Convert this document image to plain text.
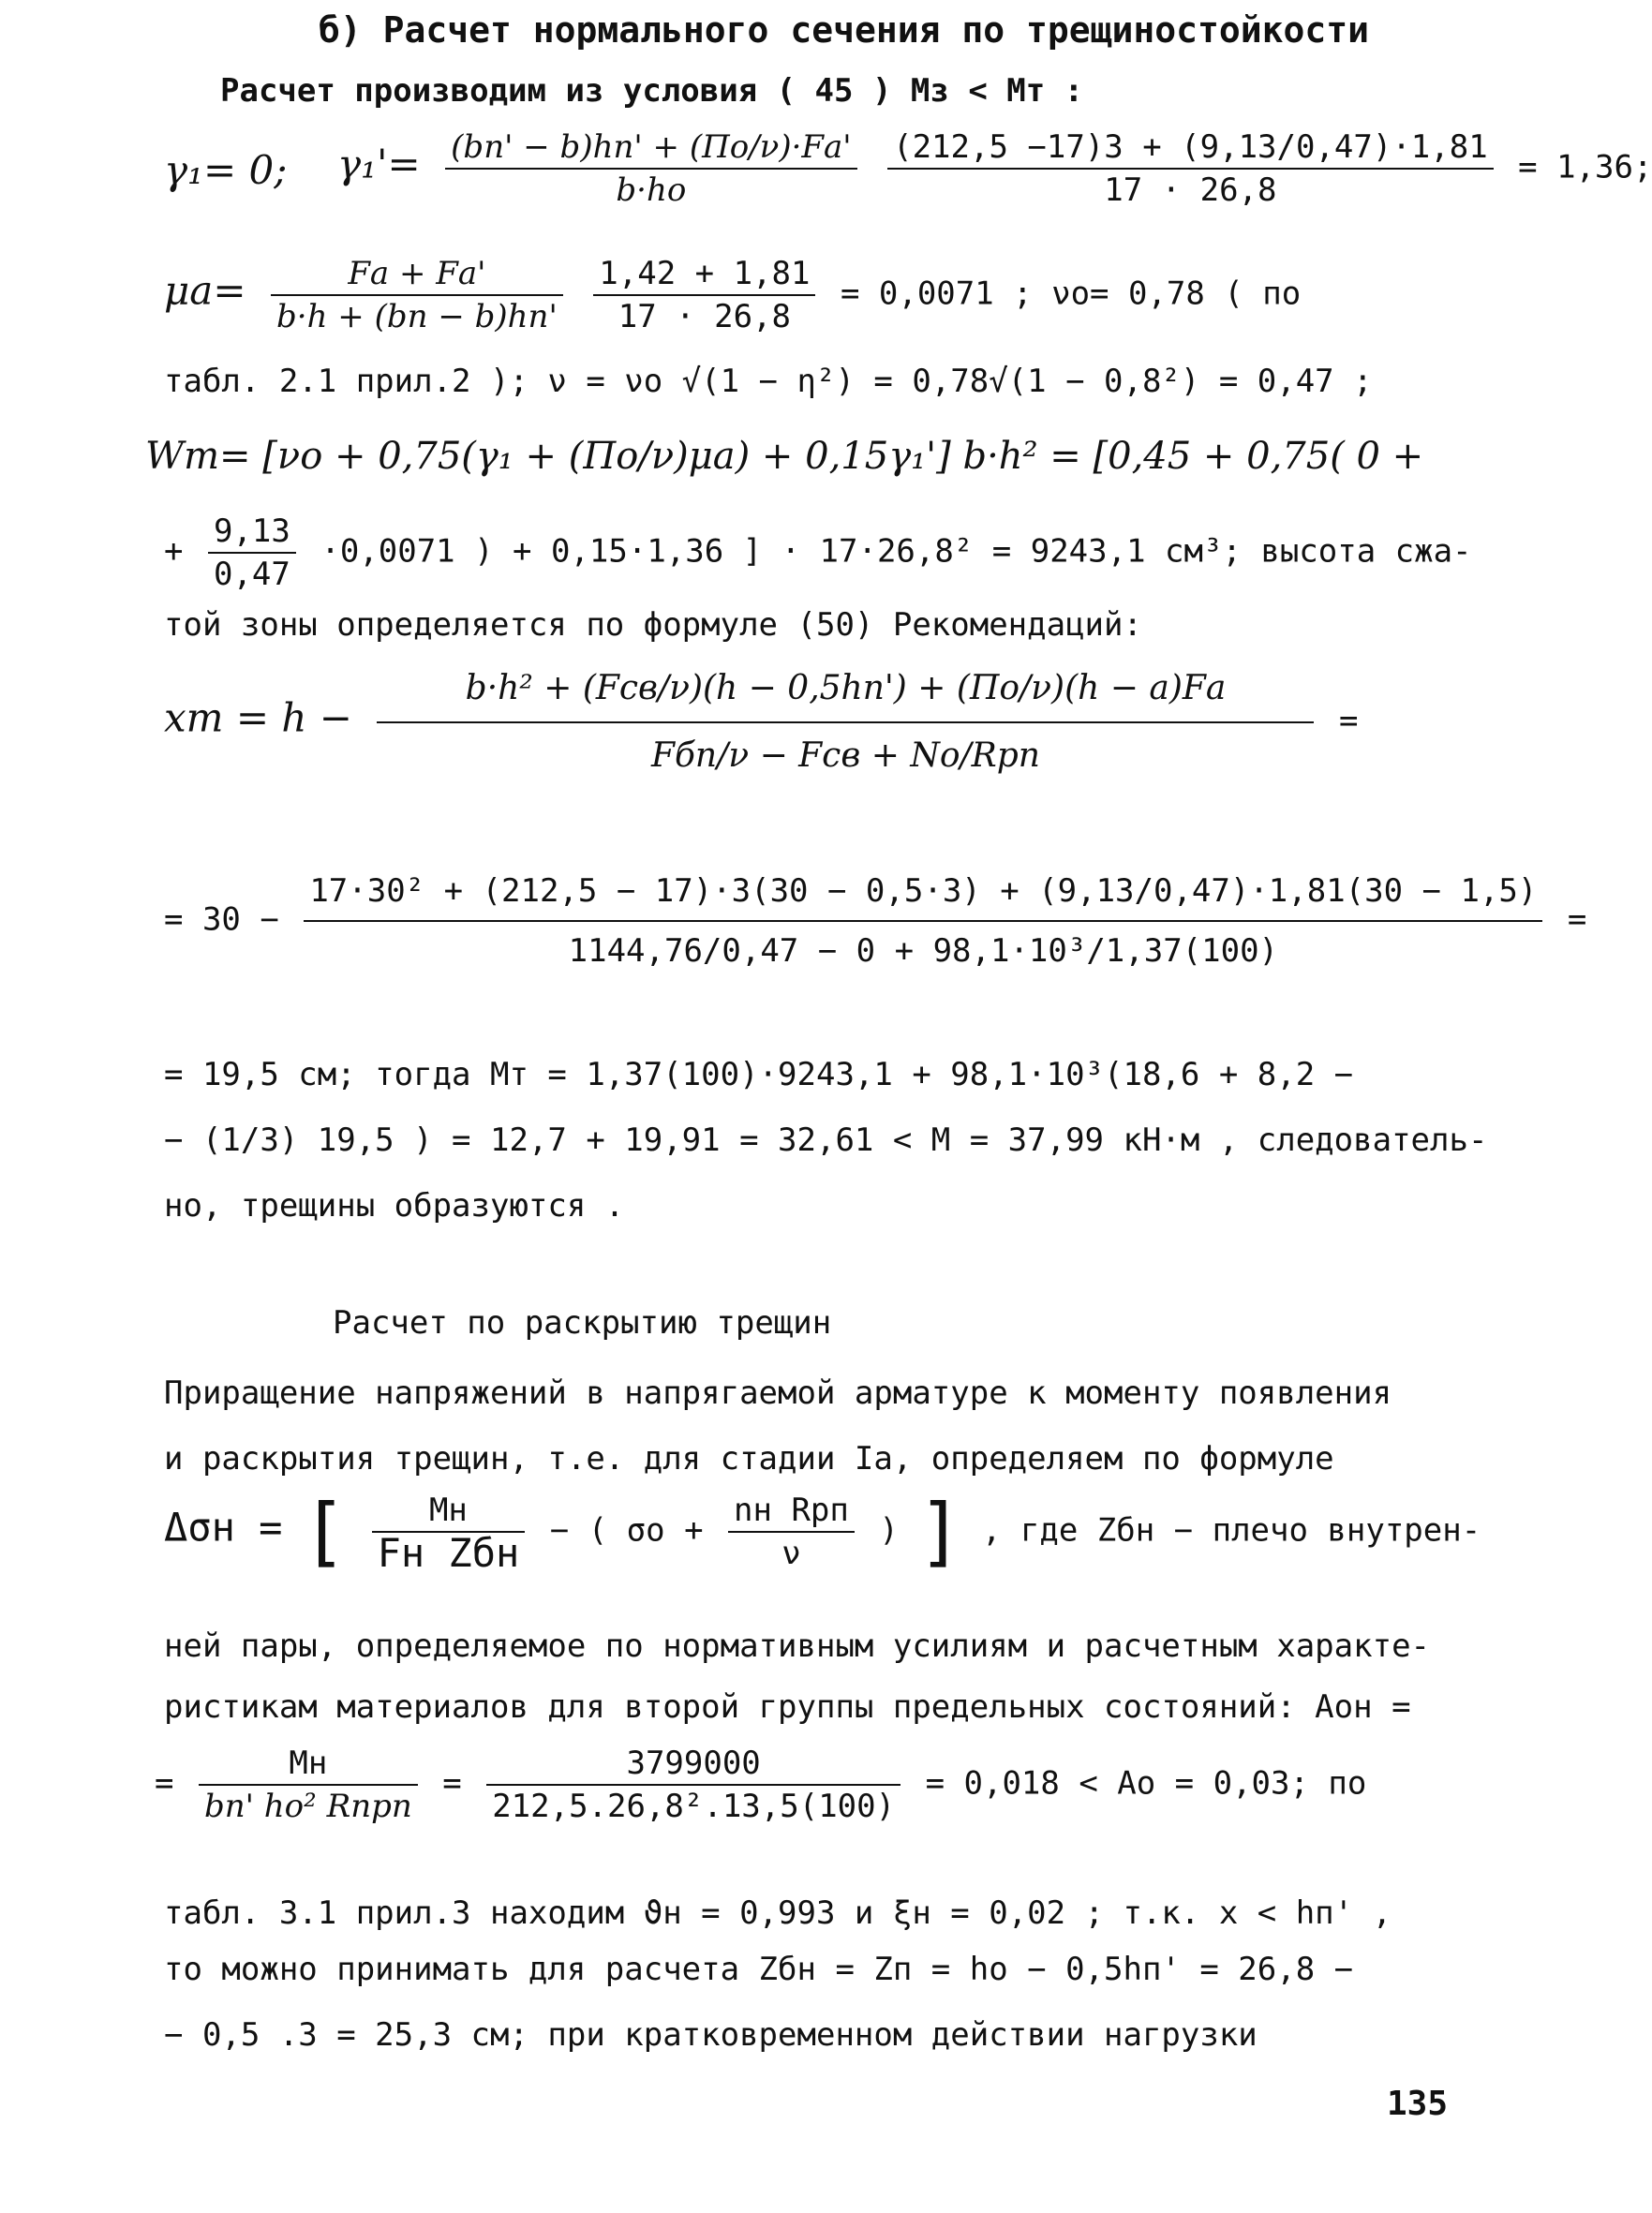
б) Расчет нормального сечения по трещиностойкости
Расчет производим из условия ( 45 ) Мз < Мт :
γ₁= 0; $\gamma_1'= \frac{(bп' - b)hп' + (По/\nu)\cdot Fа'}{b\cdot ho}$
$\frac{(212,5 -17)3 + (9,13/0,47)\cdot 1,81}{17 \cdot 26,8} = 1,36$;
$\mu а= \frac{Fа + Fа'}{b\cdot h + (bп - b)hп'}$
$\frac{1,42 + 1,81}{17 \cdot 26,8} = 0,0071$ ; νо= 0,78 ( по
табл. 2.1 прил.2 ); ν = νо √(1 − η²) = 0,78√(1 − 0,8²) = 0,47 ;
Wт= [νо + 0,75(γ₁ + (По/ν)μа) + 0,15γ₁'] b·h² = [0,45 + 0,75( 0 +
+ $\frac{9,13}{0,47} \cdot 0,0071$ ) + 0,15·1,36 ] · 17·26,8² = 9243,1 см³; высота сжа-
той зоны определяется по формуле (50) Рекомендаций:
xт = $h - \frac{\text{b·h² + (Fсв/ν)(h − 0,5hп') + (По/ν)(h − а)Fа}}{\text{Fбп/ν − Fсв + No/Rрп}}$ =
= 30 −
17·30² + (212,5 − 17)·3(30 − 0,5·3) + (9,13/0,47)·1,81(30 − 1,5)
1144,76/0,47 − 0 + 98,1·10³/1,37(100)
=
= 19,5 см; тогда Мт = 1,37(100)·9243,1 + 98,1·10³(18,6 + 8,2 −
− (1/3) 19,5 ) = 12,7 + 19,91 = 32,61 < М = 37,99 кН·м , следователь-
но, трещины образуются .
Расчет по раскрытию трещин
Приращение напряжений в напрягаемой арматуре к моменту появления
и раскрытия трещин, т.е. для стадии Iа, определяем по формуле
Δσн = [ $\frac{Мн}{\text{Fн Zбн}}$ − ( $\sigma о + \frac{\text{nн Rрп}}{\nu}$ ) ] , где Zбн − плечо внутрен-
ней пары, определяемое по нормативным усилиям и расчетным характе-
ристикам материалов для второй группы предельных состояний: Aон =
= $\frac{Мн}{\text{bп' ho² Rпрп}} = \frac{3799000}{\text{212,5.26,8².13,5(100)}} = 0,018 < Ao = 0,03$; по
табл. 3.1 прил.3 находим ϑн = 0,993 и ξн = 0,02 ; т.к. x < hп' ,
то можно принимать для расчета Zбн = Zп = ho − 0,5hп' = 26,8 −
− 0,5 .3 = 25,3 см; при кратковременном действии нагрузки
135
